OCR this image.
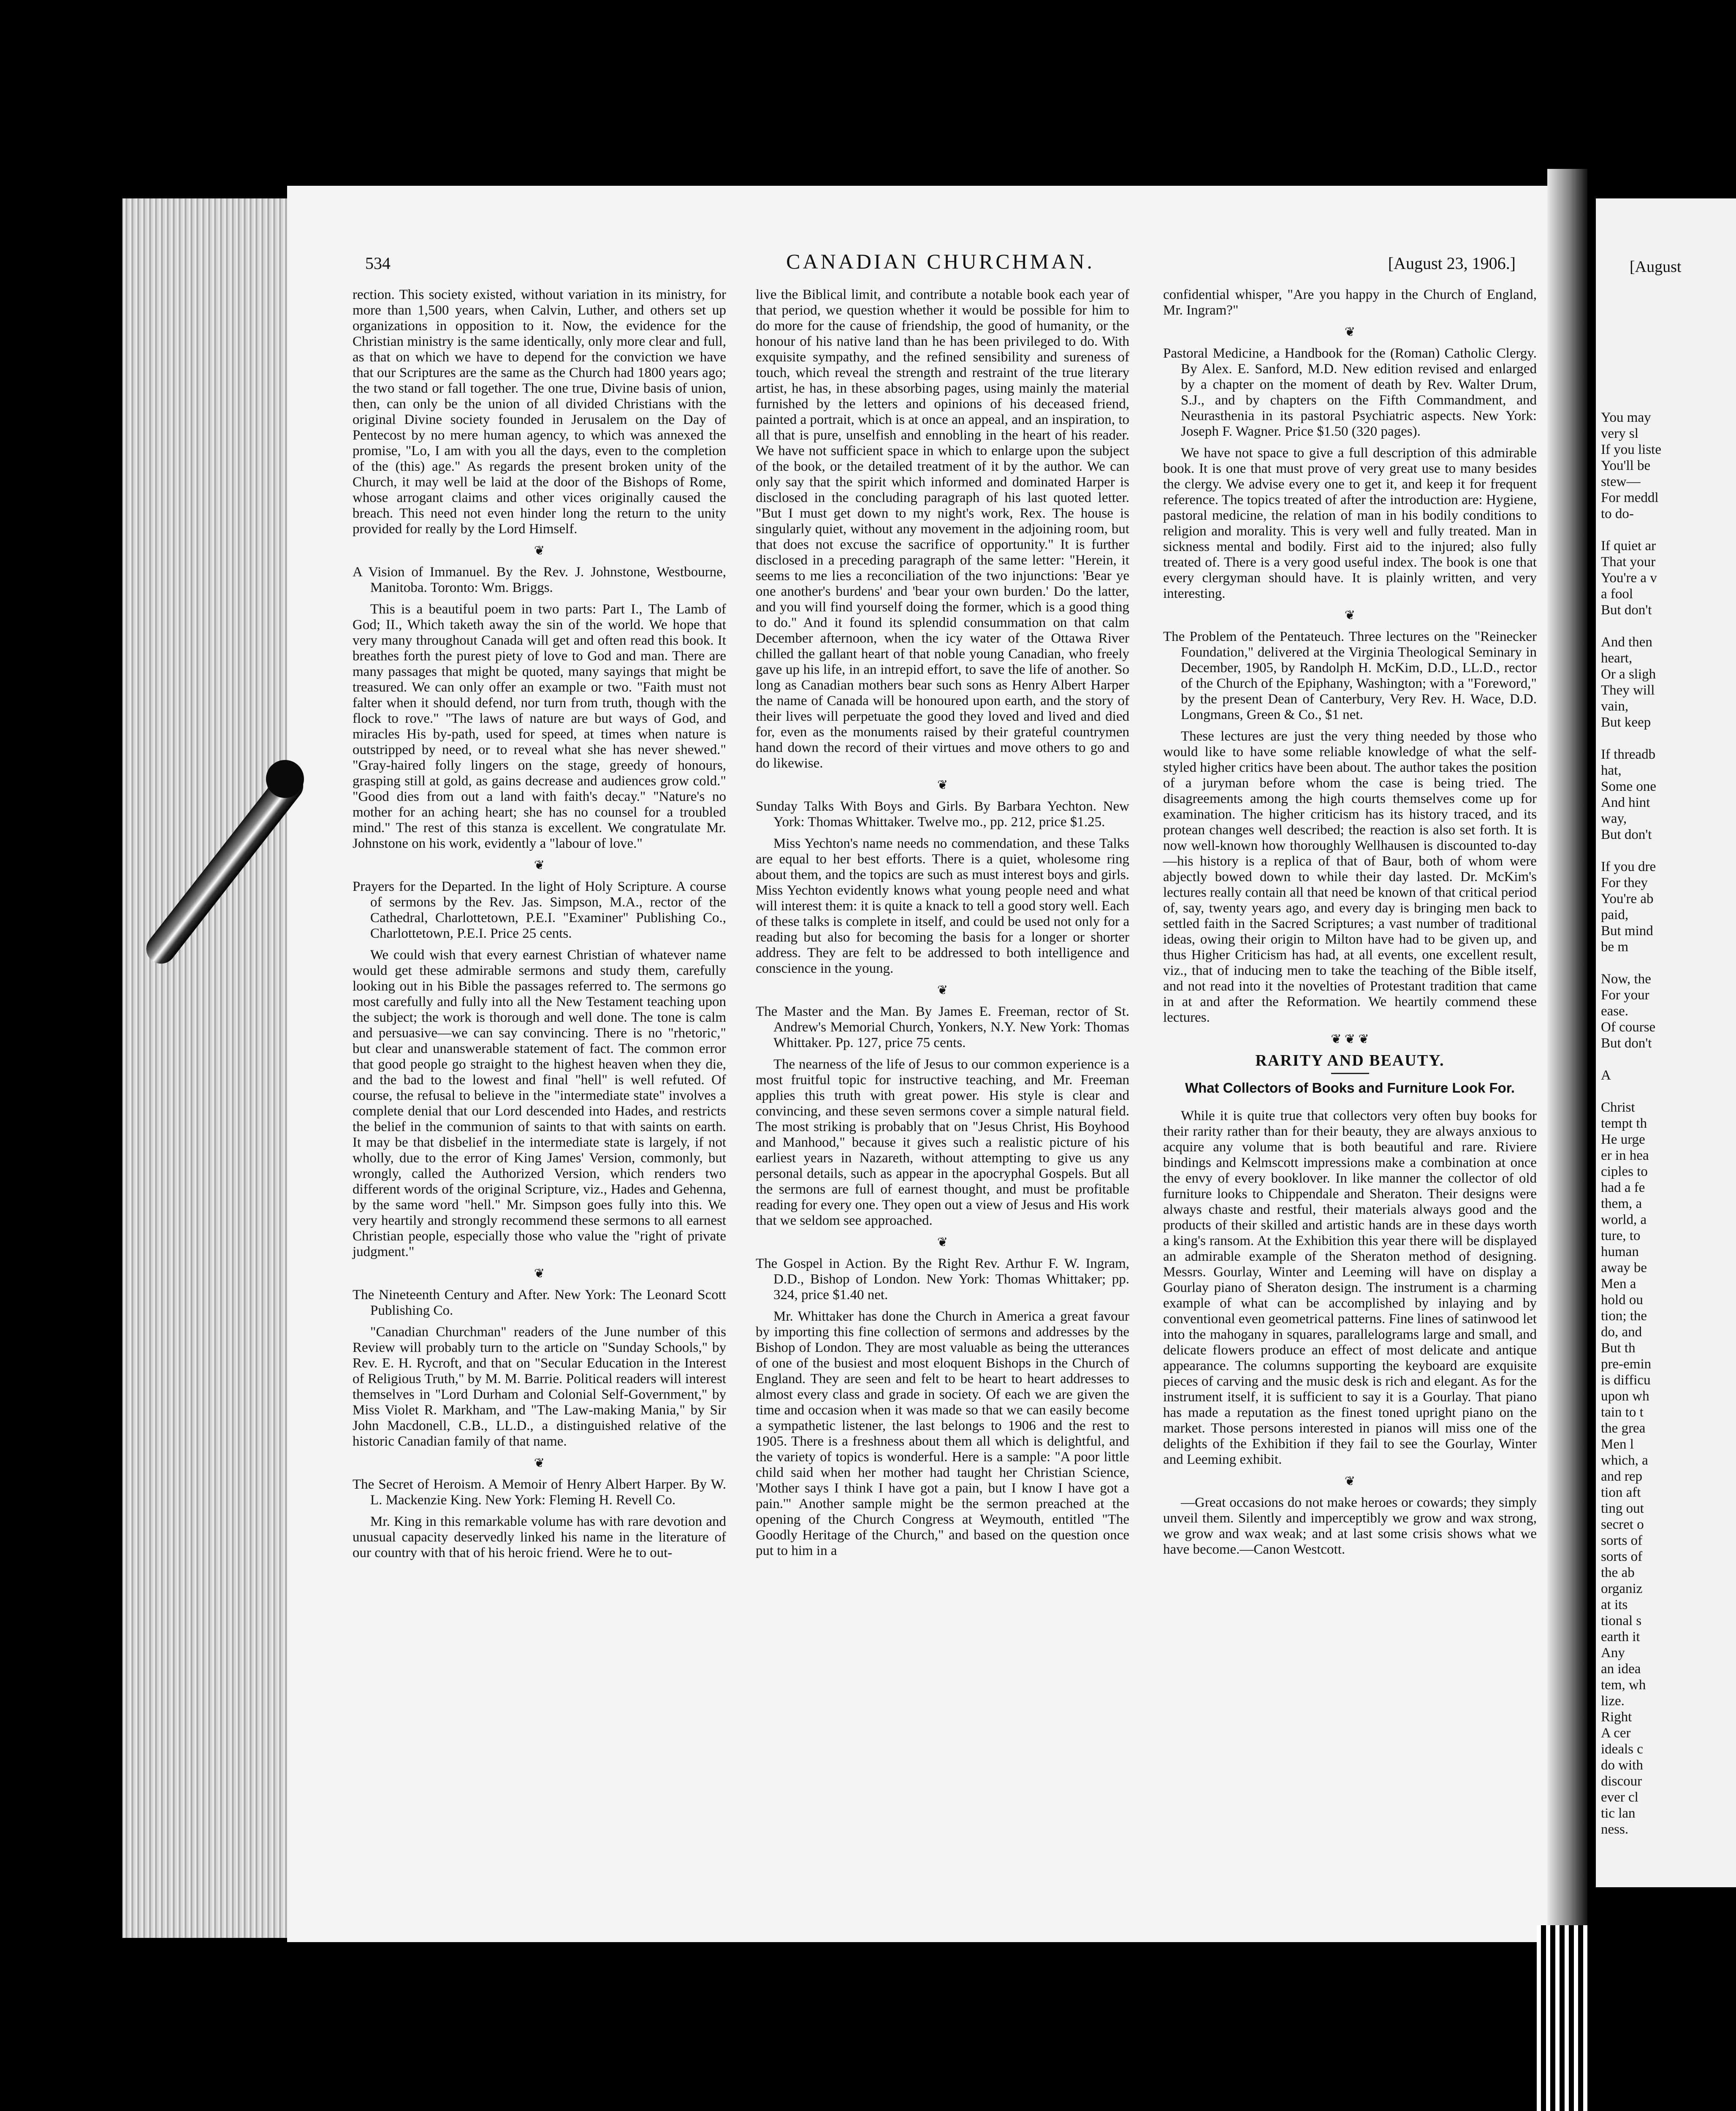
534	CANADIAN CHURCHMAN.	[August 23, 1906.]

rection. This society existed, without variation in its ministry, for more than 1,500 years, when Calvin, Luther, and others set up organizations in opposition to it. Now, the evidence for the Christian ministry is the same identically, only more clear and full, as that on which we have to depend for the conviction we have that our Scriptures are the same as the Church had 1800 years ago; the two stand or fall together. The one true, Divine basis of union, then, can only be the union of all divided Christians with the original Divine society founded in Jerusalem on the Day of Pentecost by no mere human agency, to which was annexed the promise, "Lo, I am with you all the days, even to the completion of the (this) age." As regards the present broken unity of the Church, it may well be laid at the door of the Bishops of Rome, whose arrogant claims and other vices originally caused the breach. This need not even hinder long the return to the unity provided for really by the Lord Himself.

❦
A Vision of Immanuel. By the Rev. J. Johnstone, Westbourne, Manitoba. Toronto: Wm. Briggs.

This is a beautiful poem in two parts: Part I., The Lamb of God; II., Which taketh away the sin of the world. We hope that very many throughout Canada will get and often read this book. It breathes forth the purest piety of love to God and man. There are many passages that might be quoted, many sayings that might be treasured. We can only offer an example or two. "Faith must not falter when it should defend, nor turn from truth, though with the flock to rove." "The laws of nature are but ways of God, and miracles His by-path, used for speed, at times when nature is outstripped by need, or to reveal what she has never shewed." "Gray-haired folly lingers on the stage, greedy of honours, grasping still at gold, as gains decrease and audiences grow cold." "Good dies from out a land with faith's decay." "Nature's no mother for an aching heart; she has no counsel for a troubled mind." The rest of this stanza is excellent. We congratulate Mr. Johnstone on his work, evidently a "labour of love."

❦
Prayers for the Departed. In the light of Holy Scripture. A course of sermons by the Rev. Jas. Simpson, M.A., rector of the Cathedral, Charlottetown, P.E.I. "Examiner" Publishing Co., Charlottetown, P.E.I. Price 25 cents.

We could wish that every earnest Christian of whatever name would get these admirable sermons and study them, carefully looking out in his Bible the passages referred to. The sermons go most carefully and fully into all the New Testament teaching upon the subject; the work is thorough and well done. The tone is calm and persuasive—we can say convincing. There is no "rhetoric," but clear and unanswerable statement of fact. The common error that good people go straight to the highest heaven when they die, and the bad to the lowest and final "hell" is well refuted. Of course, the refusal to believe in the "intermediate state" involves a complete denial that our Lord descended into Hades, and restricts the belief in the communion of saints to that with saints on earth. It may be that disbelief in the intermediate state is largely, if not wholly, due to the error of King James' Version, commonly, but wrongly, called the Authorized Version, which renders two different words of the original Scripture, viz., Hades and Gehenna, by the same word "hell." Mr. Simpson goes fully into this. We very heartily and strongly recommend these sermons to all earnest Christian people, especially those who value the "right of private judgment."

❦
The Nineteenth Century and After. New York: The Leonard Scott Publishing Co.

"Canadian Churchman" readers of the June number of this Review will probably turn to the article on "Sunday Schools," by Rev. E. H. Rycroft, and that on "Secular Education in the Interest of Religious Truth," by M. M. Barrie. Political readers will interest themselves in "Lord Durham and Colonial Self-Government," by Miss Violet R. Markham, and "The Law-making Mania," by Sir John Macdonell, C.B., LL.D., a distinguished relative of the historic Canadian family of that name.

❦
The Secret of Heroism. A Memoir of Henry Albert Harper. By W. L. Mackenzie King. New York: Fleming H. Revell Co.

Mr. King in this remarkable volume has with rare devotion and unusual capacity deservedly linked his name in the literature of our country with that of his heroic friend. Were he to out-

live the Biblical limit, and contribute a notable book each year of that period, we question whether it would be possible for him to do more for the cause of friendship, the good of humanity, or the honour of his native land than he has been privileged to do. With exquisite sympathy, and the refined sensibility and sureness of touch, which reveal the strength and restraint of the true literary artist, he has, in these absorbing pages, using mainly the material furnished by the letters and opinions of his deceased friend, painted a portrait, which is at once an appeal, and an inspiration, to all that is pure, unselfish and ennobling in the heart of his reader. We have not sufficient space in which to enlarge upon the subject of the book, or the detailed treatment of it by the author. We can only say that the spirit which informed and dominated Harper is disclosed in the concluding paragraph of his last quoted letter. "But I must get down to my night's work, Rex. The house is singularly quiet, without any movement in the adjoining room, but that does not excuse the sacrifice of opportunity." It is further disclosed in a preceding paragraph of the same letter: "Herein, it seems to me lies a reconciliation of the two injunctions: 'Bear ye one another's burdens' and 'bear your own burden.' Do the latter, and you will find yourself doing the former, which is a good thing to do." And it found its splendid consummation on that calm December afternoon, when the icy water of the Ottawa River chilled the gallant heart of that noble young Canadian, who freely gave up his life, in an intrepid effort, to save the life of another. So long as Canadian mothers bear such sons as Henry Albert Harper the name of Canada will be honoured upon earth, and the story of their lives will perpetuate the good they loved and lived and died for, even as the monuments raised by their grateful countrymen hand down the record of their virtues and move others to go and do likewise.

❦
Sunday Talks With Boys and Girls. By Barbara Yechton. New York: Thomas Whittaker. Twelve mo., pp. 212, price $1.25.

Miss Yechton's name needs no commendation, and these Talks are equal to her best efforts. There is a quiet, wholesome ring about them, and the topics are such as must interest boys and girls. Miss Yechton evidently knows what young people need and what will interest them: it is quite a knack to tell a good story well. Each of these talks is complete in itself, and could be used not only for a reading but also for becoming the basis for a longer or shorter address. They are felt to be addressed to both intelligence and conscience in the young.

❦
The Master and the Man. By James E. Freeman, rector of St. Andrew's Memorial Church, Yonkers, N.Y. New York: Thomas Whittaker. Pp. 127, price 75 cents.

The nearness of the life of Jesus to our common experience is a most fruitful topic for instructive teaching, and Mr. Freeman applies this truth with great power. His style is clear and convincing, and these seven sermons cover a simple natural field. The most striking is probably that on "Jesus Christ, His Boyhood and Manhood," because it gives such a realistic picture of his earliest years in Nazareth, without attempting to give us any personal details, such as appear in the apocryphal Gospels. But all the sermons are full of earnest thought, and must be profitable reading for every one. They open out a view of Jesus and His work that we seldom see approached.

❦
The Gospel in Action. By the Right Rev. Arthur F. W. Ingram, D.D., Bishop of London. New York: Thomas Whittaker; pp. 324, price $1.40 net.

Mr. Whittaker has done the Church in America a great favour by importing this fine collection of sermons and addresses by the Bishop of London. They are most valuable as being the utterances of one of the busiest and most eloquent Bishops in the Church of England. They are seen and felt to be heart to heart addresses to almost every class and grade in society. Of each we are given the time and occasion when it was made so that we can easily become a sympathetic listener, the last belongs to 1906 and the rest to 1905. There is a freshness about them all which is delightful, and the variety of topics is wonderful. Here is a sample: "A poor little child said when her mother had taught her Christian Science, 'Mother says I think I have got a pain, but I know I have got a pain.'" Another sample might be the sermon preached at the opening of the Church Congress at Weymouth, entitled "The Goodly Heritage of the Church," and based on the question once put to him in a

confidential whisper, "Are you happy in the Church of England, Mr. Ingram?"

❦
Pastoral Medicine, a Handbook for the (Roman) Catholic Clergy. By Alex. E. Sanford, M.D. New edition revised and enlarged by a chapter on the moment of death by Rev. Walter Drum, S.J., and by chapters on the Fifth Commandment, and Neurasthenia in its pastoral Psychiatric aspects. New York: Joseph F. Wagner. Price $1.50 (320 pages).

We have not space to give a full description of this admirable book. It is one that must prove of very great use to many besides the clergy. We advise every one to get it, and keep it for frequent reference. The topics treated of after the introduction are: Hygiene, pastoral medicine, the relation of man in his bodily conditions to religion and morality. This is very well and fully treated. Man in sickness mental and bodily. First aid to the injured; also fully treated of. There is a very good useful index. The book is one that every clergyman should have. It is plainly written, and very interesting.

❦
The Problem of the Pentateuch. Three lectures on the "Reinecker Foundation," delivered at the Virginia Theological Seminary in December, 1905, by Randolph H. McKim, D.D., LL.D., rector of the Church of the Epiphany, Washington; with a "Foreword," by the present Dean of Canterbury, Very Rev. H. Wace, D.D. Longmans, Green & Co., $1 net.

These lectures are just the very thing needed by those who would like to have some reliable knowledge of what the self-styled higher critics have been about. The author takes the position of a juryman before whom the case is being tried. The disagreements among the high courts themselves come up for examination. The higher criticism has its history traced, and its protean changes well described; the reaction is also set forth. It is now well-known how thoroughly Wellhausen is discounted to-day—his history is a replica of that of Baur, both of whom were abjectly bowed down to while their day lasted. Dr. McKim's lectures really contain all that need be known of that critical period of, say, twenty years ago, and every day is bringing men back to settled faith in the Sacred Scriptures; a vast number of traditional ideas, owing their origin to Milton have had to be given up, and thus Higher Criticism has had, at all events, one excellent result, viz., that of inducing men to take the teaching of the Bible itself, and not read into it the novelties of Protestant tradition that came in at and after the Reformation. We heartily commend these lectures.

❦ ❦ ❦
RARITY AND BEAUTY.
What Collectors of Books and Furniture Look For.

While it is quite true that collectors very often buy books for their rarity rather than for their beauty, they are always anxious to acquire any volume that is both beautiful and rare. Riviere bindings and Kelmscott impressions make a combination at once the envy of every booklover. In like manner the collector of old furniture looks to Chippendale and Sheraton. Their designs were always chaste and restful, their materials always good and the products of their skilled and artistic hands are in these days worth a king's ransom. At the Exhibition this year there will be displayed an admirable example of the Sheraton method of designing. Messrs. Gourlay, Winter and Leeming will have on display a Gourlay piano of Sheraton design. The instrument is a charming example of what can be accomplished by inlaying and by conventional even geometrical patterns. Fine lines of satinwood let into the mahogany in squares, parallelograms large and small, and delicate flowers produce an effect of most delicate and antique appearance. The columns supporting the keyboard are exquisite pieces of carving and the music desk is rich and elegant. As for the instrument itself, it is sufficient to say it is a Gourlay. That piano has made a reputation as the finest toned upright piano on the market. Those persons interested in pianos will miss one of the delights of the Exhibition if they fail to see the Gourlay, Winter and Leeming exhibit.

❦

—Great occasions do not make heroes or cowards; they simply unveil them. Silently and imperceptibly we grow and wax strong, we grow and wax weak; and at last some crisis shows what we have become.—Canon Westcott.

[August
You may
very sl
If you liste
You'll be
stew—
For meddl
to do-

If quiet ar
That your
You're a v
a fool
But don't

And then
heart,
Or a sligh
They will
vain,
But keep

If threadb
hat,
Some one
And hint
way,
But don't

If you dre
For they
You're ab
paid,
But mind
be m

Now, the
For your
ease.
Of course
But don't

A

Christ
tempt th
He urge
er in hea
ciples to
had a fe
them, a
world, a
ture, to
human
away be
Men a
hold ou
tion; the
do, and
But th
pre-emin
is difficu
upon wh
tain to t
the grea
Men l
which, a
and rep
tion aft
ting out
secret o
sorts of
sorts of
the ab
organiz
at its
tional s
earth it
Any
an idea
tem, wh
lize.
Right
A cer
ideals c
do with
discour
ever cl
tic lan
ness.
